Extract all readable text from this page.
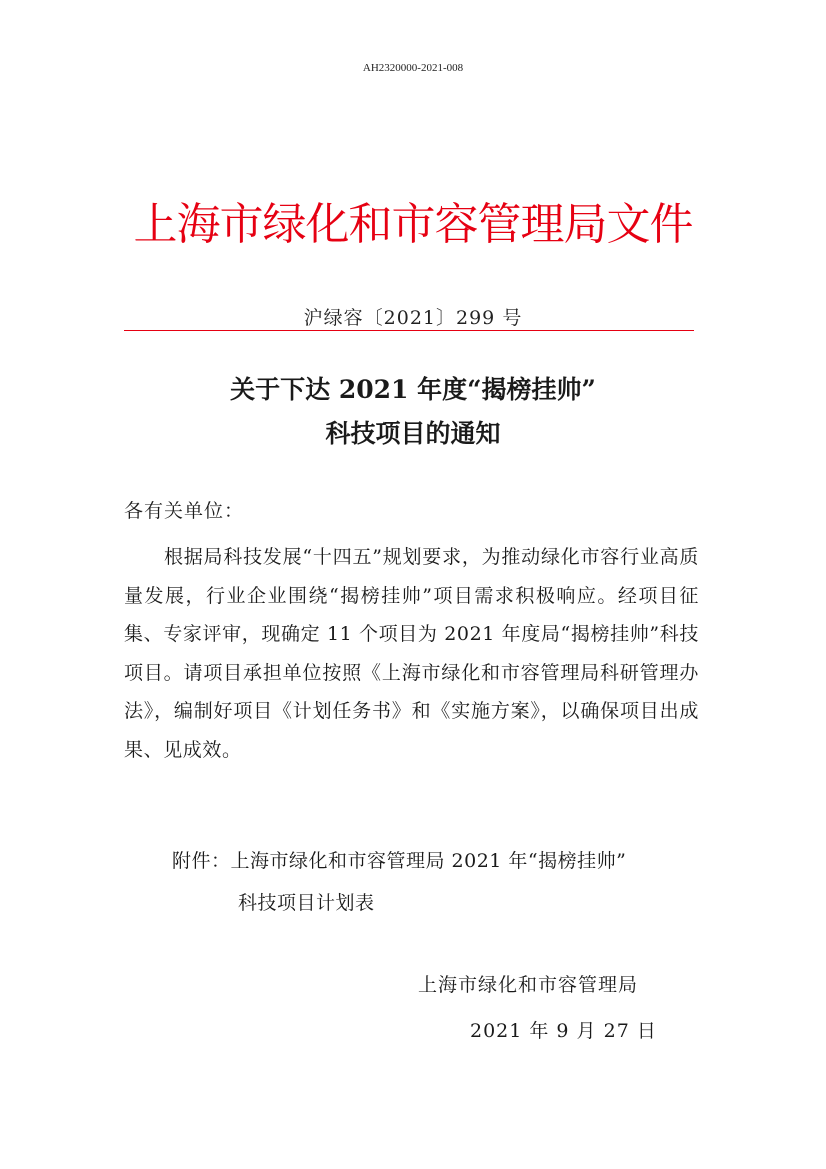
AH2320000-2021-008
上海市绿化和市容管理局文件
沪绿容〔2021〕299 号
关于下达 2021 年度“揭榜挂帅”
科技项目的通知
各有关单位：
根据局科技发展“十四五”规划要求，为推动绿化市容行业高质量发展，行业企业围绕“揭榜挂帅”项目需求积极响应。经项目征集、专家评审，现确定 11 个项目为 2021 年度局“揭榜挂帅”科技项目。请项目承担单位按照《上海市绿化和市容管理局科研管理办法》，编制好项目《计划任务书》和《实施方案》，以确保项目出成果、见成效。
附件：上海市绿化和市容管理局 2021 年“揭榜挂帅”
科技项目计划表
上海市绿化和市容管理局
2021 年 9 月 27 日
